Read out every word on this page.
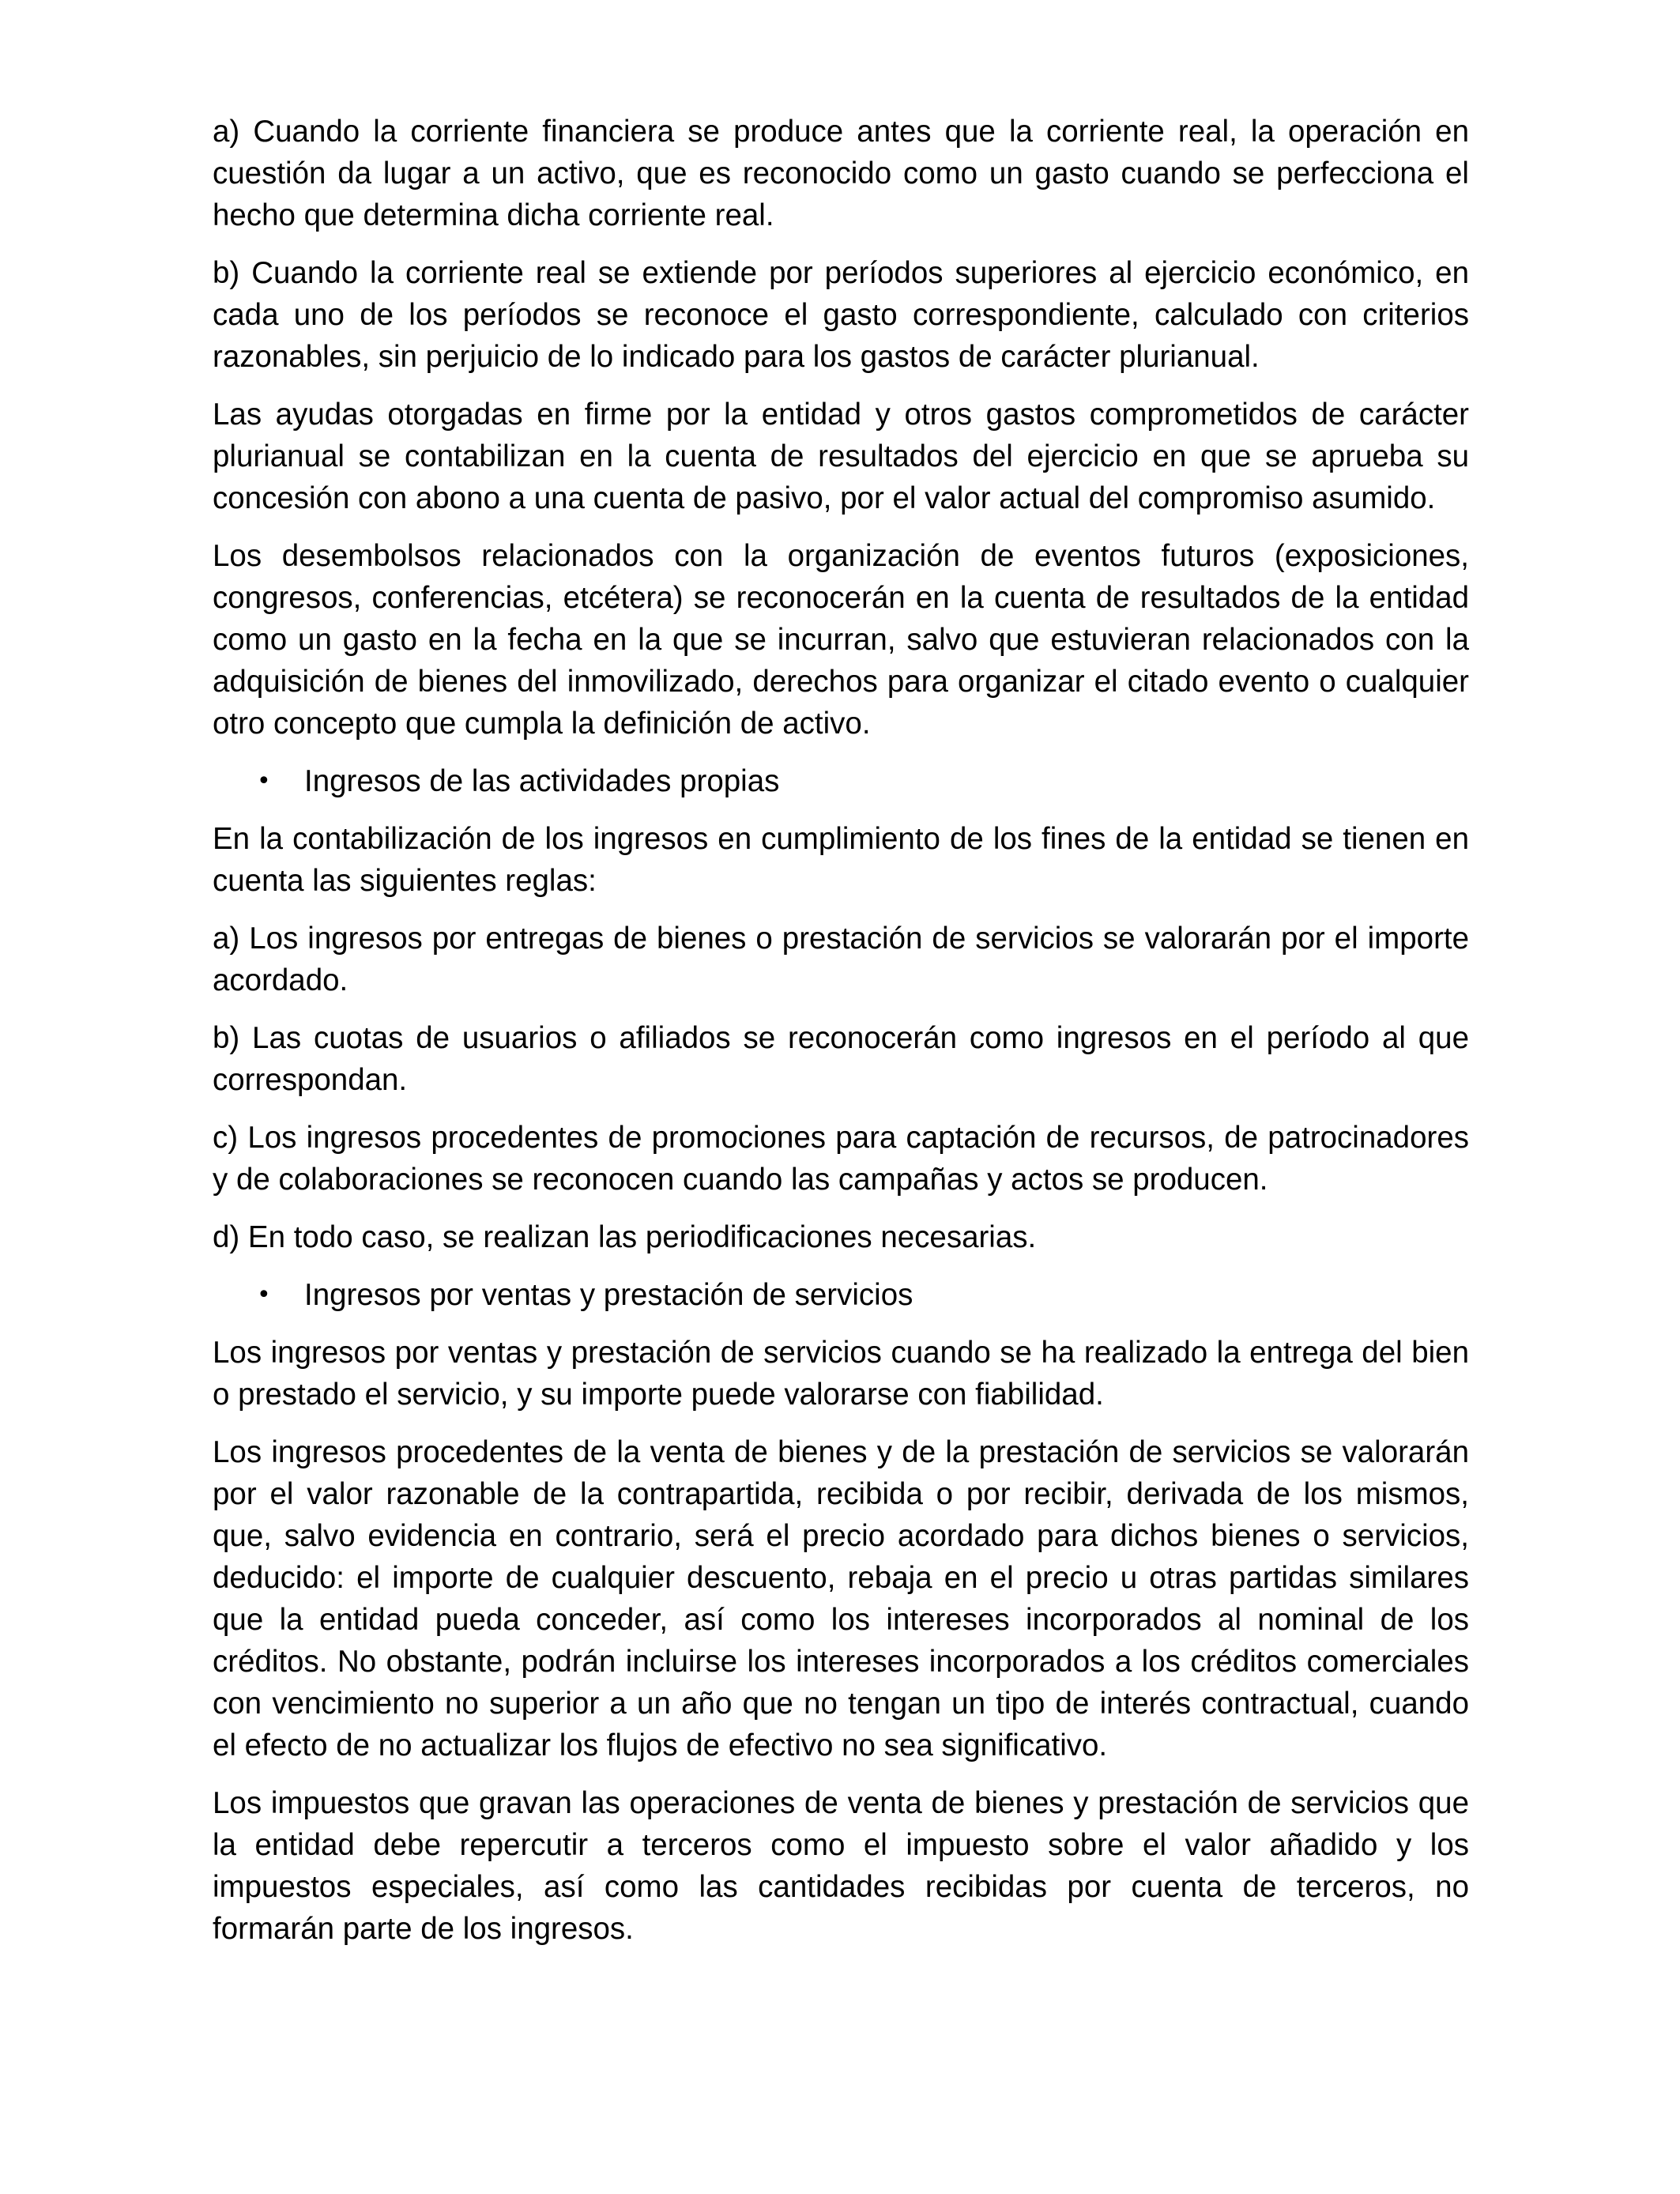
a) Cuando la corriente financiera se produce antes que la corriente real, la operación en cuestión da lugar a un activo, que es reconocido como un gasto cuando se perfecciona el hecho que determina dicha corriente real.

b) Cuando la corriente real se extiende por períodos superiores al ejercicio económico, en cada uno de los períodos se reconoce el gasto correspondiente, calculado con criterios razonables, sin perjuicio de lo indicado para los gastos de carácter plurianual.

Las ayudas otorgadas en firme por la entidad y otros gastos comprometidos de carácter plurianual se contabilizan en la cuenta de resultados del ejercicio en que se aprueba su concesión con abono a una cuenta de pasivo, por el valor actual del compromiso asumido.

Los desembolsos relacionados con la organización de eventos futuros (exposiciones, congresos, conferencias, etcétera) se reconocerán en la cuenta de resultados de la entidad como un gasto en la fecha en la que se incurran, salvo que estuvieran relacionados con la adquisición de bienes del inmovilizado, derechos para organizar el citado evento o cualquier otro concepto que cumpla la definición de activo.

• Ingresos de las actividades propias

En la contabilización de los ingresos en cumplimiento de los fines de la entidad se tienen en cuenta las siguientes reglas:

a) Los ingresos por entregas de bienes o prestación de servicios se valorarán por el importe acordado.

b) Las cuotas de usuarios o afiliados se reconocerán como ingresos en el período al que correspondan.

c) Los ingresos procedentes de promociones para captación de recursos, de patrocinadores y de colaboraciones se reconocen cuando las campañas y actos se producen.

d) En todo caso, se realizan las periodificaciones necesarias.

• Ingresos por ventas y prestación de servicios

Los ingresos por ventas y prestación de servicios cuando se ha realizado la entrega del bien o prestado el servicio, y su importe puede valorarse con fiabilidad.

Los ingresos procedentes de la venta de bienes y de la prestación de servicios se valorarán por el valor razonable de la contrapartida, recibida o por recibir, derivada de los mismos, que, salvo evidencia en contrario, será el precio acordado para dichos bienes o servicios, deducido: el importe de cualquier descuento, rebaja en el precio u otras partidas similares que la entidad pueda conceder, así como los intereses incorporados al nominal de los créditos. No obstante, podrán incluirse los intereses incorporados a los créditos comerciales con vencimiento no superior a un año que no tengan un tipo de interés contractual, cuando el efecto de no actualizar los flujos de efectivo no sea significativo.

Los impuestos que gravan las operaciones de venta de bienes y prestación de servicios que la entidad debe repercutir a terceros como el impuesto sobre el valor añadido y los impuestos especiales, así como las cantidades recibidas por cuenta de terceros, no formarán parte de los ingresos.
